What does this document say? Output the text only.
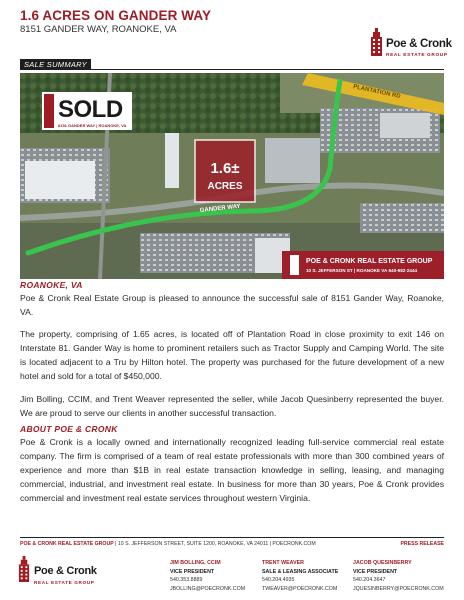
1.6 ACRES ON GANDER WAY
8151 GANDER WAY, ROANOKE, VA
Poe & Cronk
REAL ESTATE GROUP
SALE SUMMARY
PLANTATION RD
GANDER WAY
1.6±
ACRES
SOLD
8151 GANDER WAY | ROANOKE, VA
POE & CRONK REAL ESTATE GROUP
10 S. JEFFERSON ST | ROANOKE VA 540-982-2444
ROANOKE, VA

Poe & Cronk Real Estate Group is pleased to announce the successful sale of 8151 Gander Way, Roanoke, VA.

The property, comprising of 1.65 acres, is located off of Plantation Road in close proximity to exit 146 on Interstate 81. Gander Way is home to prominent retailers such as Tractor Supply and Camping World. The site is located adjacent to a Tru by Hilton hotel. The property was purchased for the future development of a new hotel and sold for a total of $450,000.

Jim Bolling, CCIM, and Trent Weaver represented the seller, while Jacob Quesinberry represented the buyer. We are proud to serve our clients in another successful transaction.

ABOUT POE & CRONK

Poe & Cronk is a locally owned and internationally recognized leading full-service commercial real estate company. The firm is comprised of a team of real estate professionals with more than 300 combined years of experience and more than $1B in real estate transaction knowledge in selling, leasing, and managing commercial, industrial, and investment real estate. In business for more than 30 years, Poe & Cronk provides commercial and investment real estate services throughout western Virginia.

POE & CRONK REAL ESTATE GROUP | 10 S. JEFFERSON STREET, SUITE 1200, ROANOKE, VA 24011 | POECRONK.COM	PRESS RELEASE
Poe & Cronk
REAL ESTATE GROUP
JIM BOLLING, CCIM
VICE PRESIDENT
540.353.8889
JBOLLING@POECRONK.COM
TRENT WEAVER
SALE & LEASING ASSOCIATE
540.204.4935
TWEAVER@POECRONK.COM
JACOB QUESINBERRY
VICE PRESIDENT
540.204.3647
JQUESINBERRY@POECRONK.COM
